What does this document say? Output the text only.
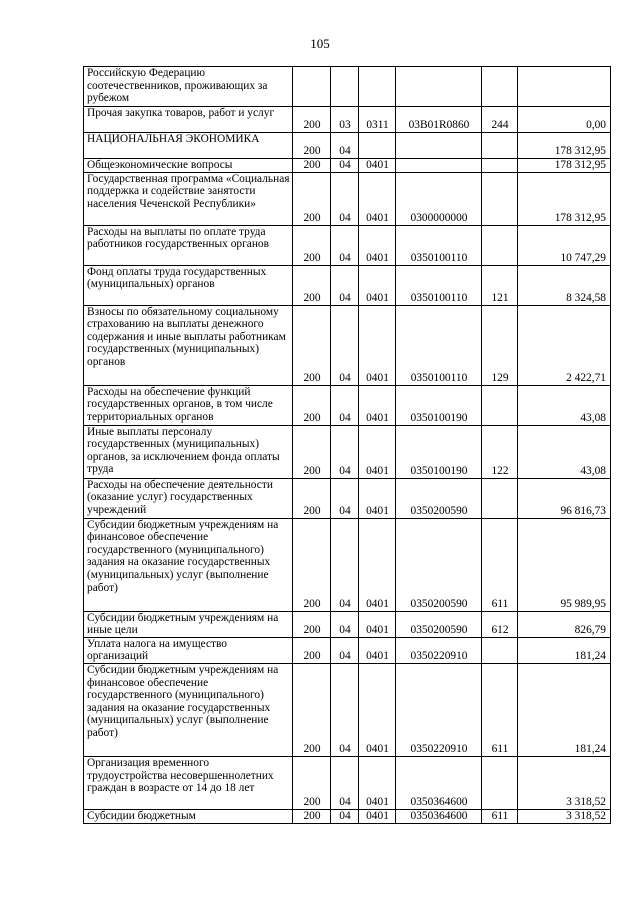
105
Российскую Федерацию соотечественников, проживающих за рубежом						
Прочая закупка товаров, работ и услуг	200	03	0311	03В01R0860	244	0,00
НАЦИОНАЛЬНАЯ ЭКОНОМИКА	200	04				178 312,95
Общеэкономические вопросы	200	04	0401			178 312,95
Государственная программа «Социальная поддержка и содействие занятости населения Чеченской Республики»	200	04	0401	0300000000		178 312,95
Расходы на выплаты по оплате труда работников государственных органов	200	04	0401	0350100110		10 747,29
Фонд оплаты труда государственных (муниципальных) органов	200	04	0401	0350100110	121	8 324,58
Взносы по обязательному социальному страхованию на выплаты денежного содержания и иные выплаты работникам государственных (муниципальных) органов	200	04	0401	0350100110	129	2 422,71
Расходы на обеспечение функций государственных органов, в том числе территориальных органов	200	04	0401	0350100190		43,08
Иные выплаты персоналу государственных (муниципальных) органов, за исключением фонда оплаты труда	200	04	0401	0350100190	122	43,08
Расходы на обеспечение деятельности (оказание услуг) государственных учреждений	200	04	0401	0350200590		96 816,73
Субсидии бюджетным учреждениям на финансовое обеспечение государственного (муниципального) задания на оказание государственных (муниципальных) услуг (выполнение работ)	200	04	0401	0350200590	611	95 989,95
Субсидии бюджетным учреждениям на иные цели	200	04	0401	0350200590	612	826,79
Уплата налога на имущество организаций	200	04	0401	0350220910		181,24
Субсидии бюджетным учреждениям на финансовое обеспечение государственного (муниципального) задания на оказание государственных (муниципальных) услуг (выполнение работ)	200	04	0401	0350220910	611	181,24
Организация временного трудоустройства несовершеннолетних граждан в возрасте от 14 до 18 лет	200	04	0401	0350364600		3 318,52
Субсидии бюджетным	200	04	0401	0350364600	611	3 318,52
